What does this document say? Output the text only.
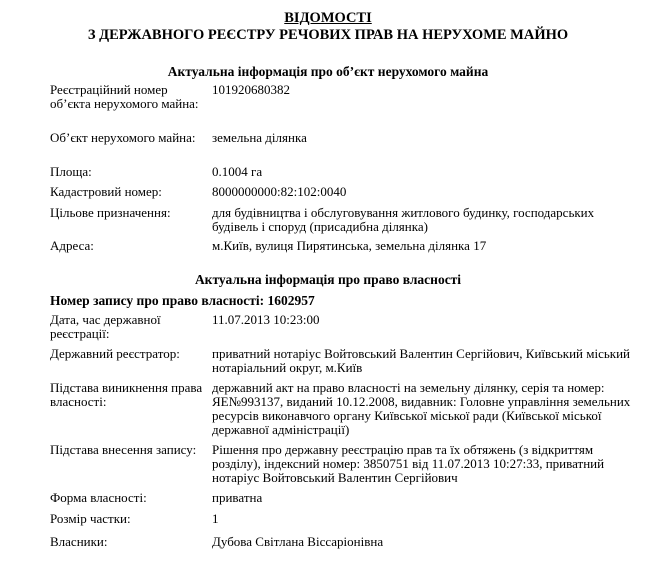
ВІДОМОСТІ
З ДЕРЖАВНОГО РЕЄСТРУ РЕЧОВИХ ПРАВ НА НЕРУХОМЕ МАЙНО
Актуальна інформація про об’єкт нерухомого майна
Реєстраційний номер об’єкта нерухомого майна:
101920680382
Об’єкт нерухомого майна:	земельна ділянка
Площа:	0.1004 га
Кадастровий номер:	8000000000:82:102:0040
Цільове призначення:	для будівництва і обслуговування житлового будинку, господарських будівель і споруд (присадибна ділянка)
Адреса:	м.Київ, вулиця Пирятинська, земельна ділянка 17
Актуальна інформація про право власності
Номер запису про право власності: 1602957
Дата, час державної реєстрації:
11.07.2013 10:23:00
Державний реєстратор:	приватний нотаріус Войтовський Валентин Сергійович, Київський міський нотаріальний округ, м.Київ
Підстава виникнення права власності:
державний акт на право власності на земельну ділянку, серія та номер: ЯЕ№993137, виданий 10.12.2008, видавник: Головне управління земельних ресурсів виконавчого органу Київської міської ради (Київської міської державної адміністрації)
Підстава внесення запису:	Рішення про державну реєстрацію прав та їх обтяжень (з відкриттям розділу), індексний номер: 3850751 від 11.07.2013 10:27:33, приватний нотаріус Войтовський Валентин Сергійович
Форма власності:	приватна
Розмір частки:	1
Власники:	Дубова Світлана Віссаріонівна
